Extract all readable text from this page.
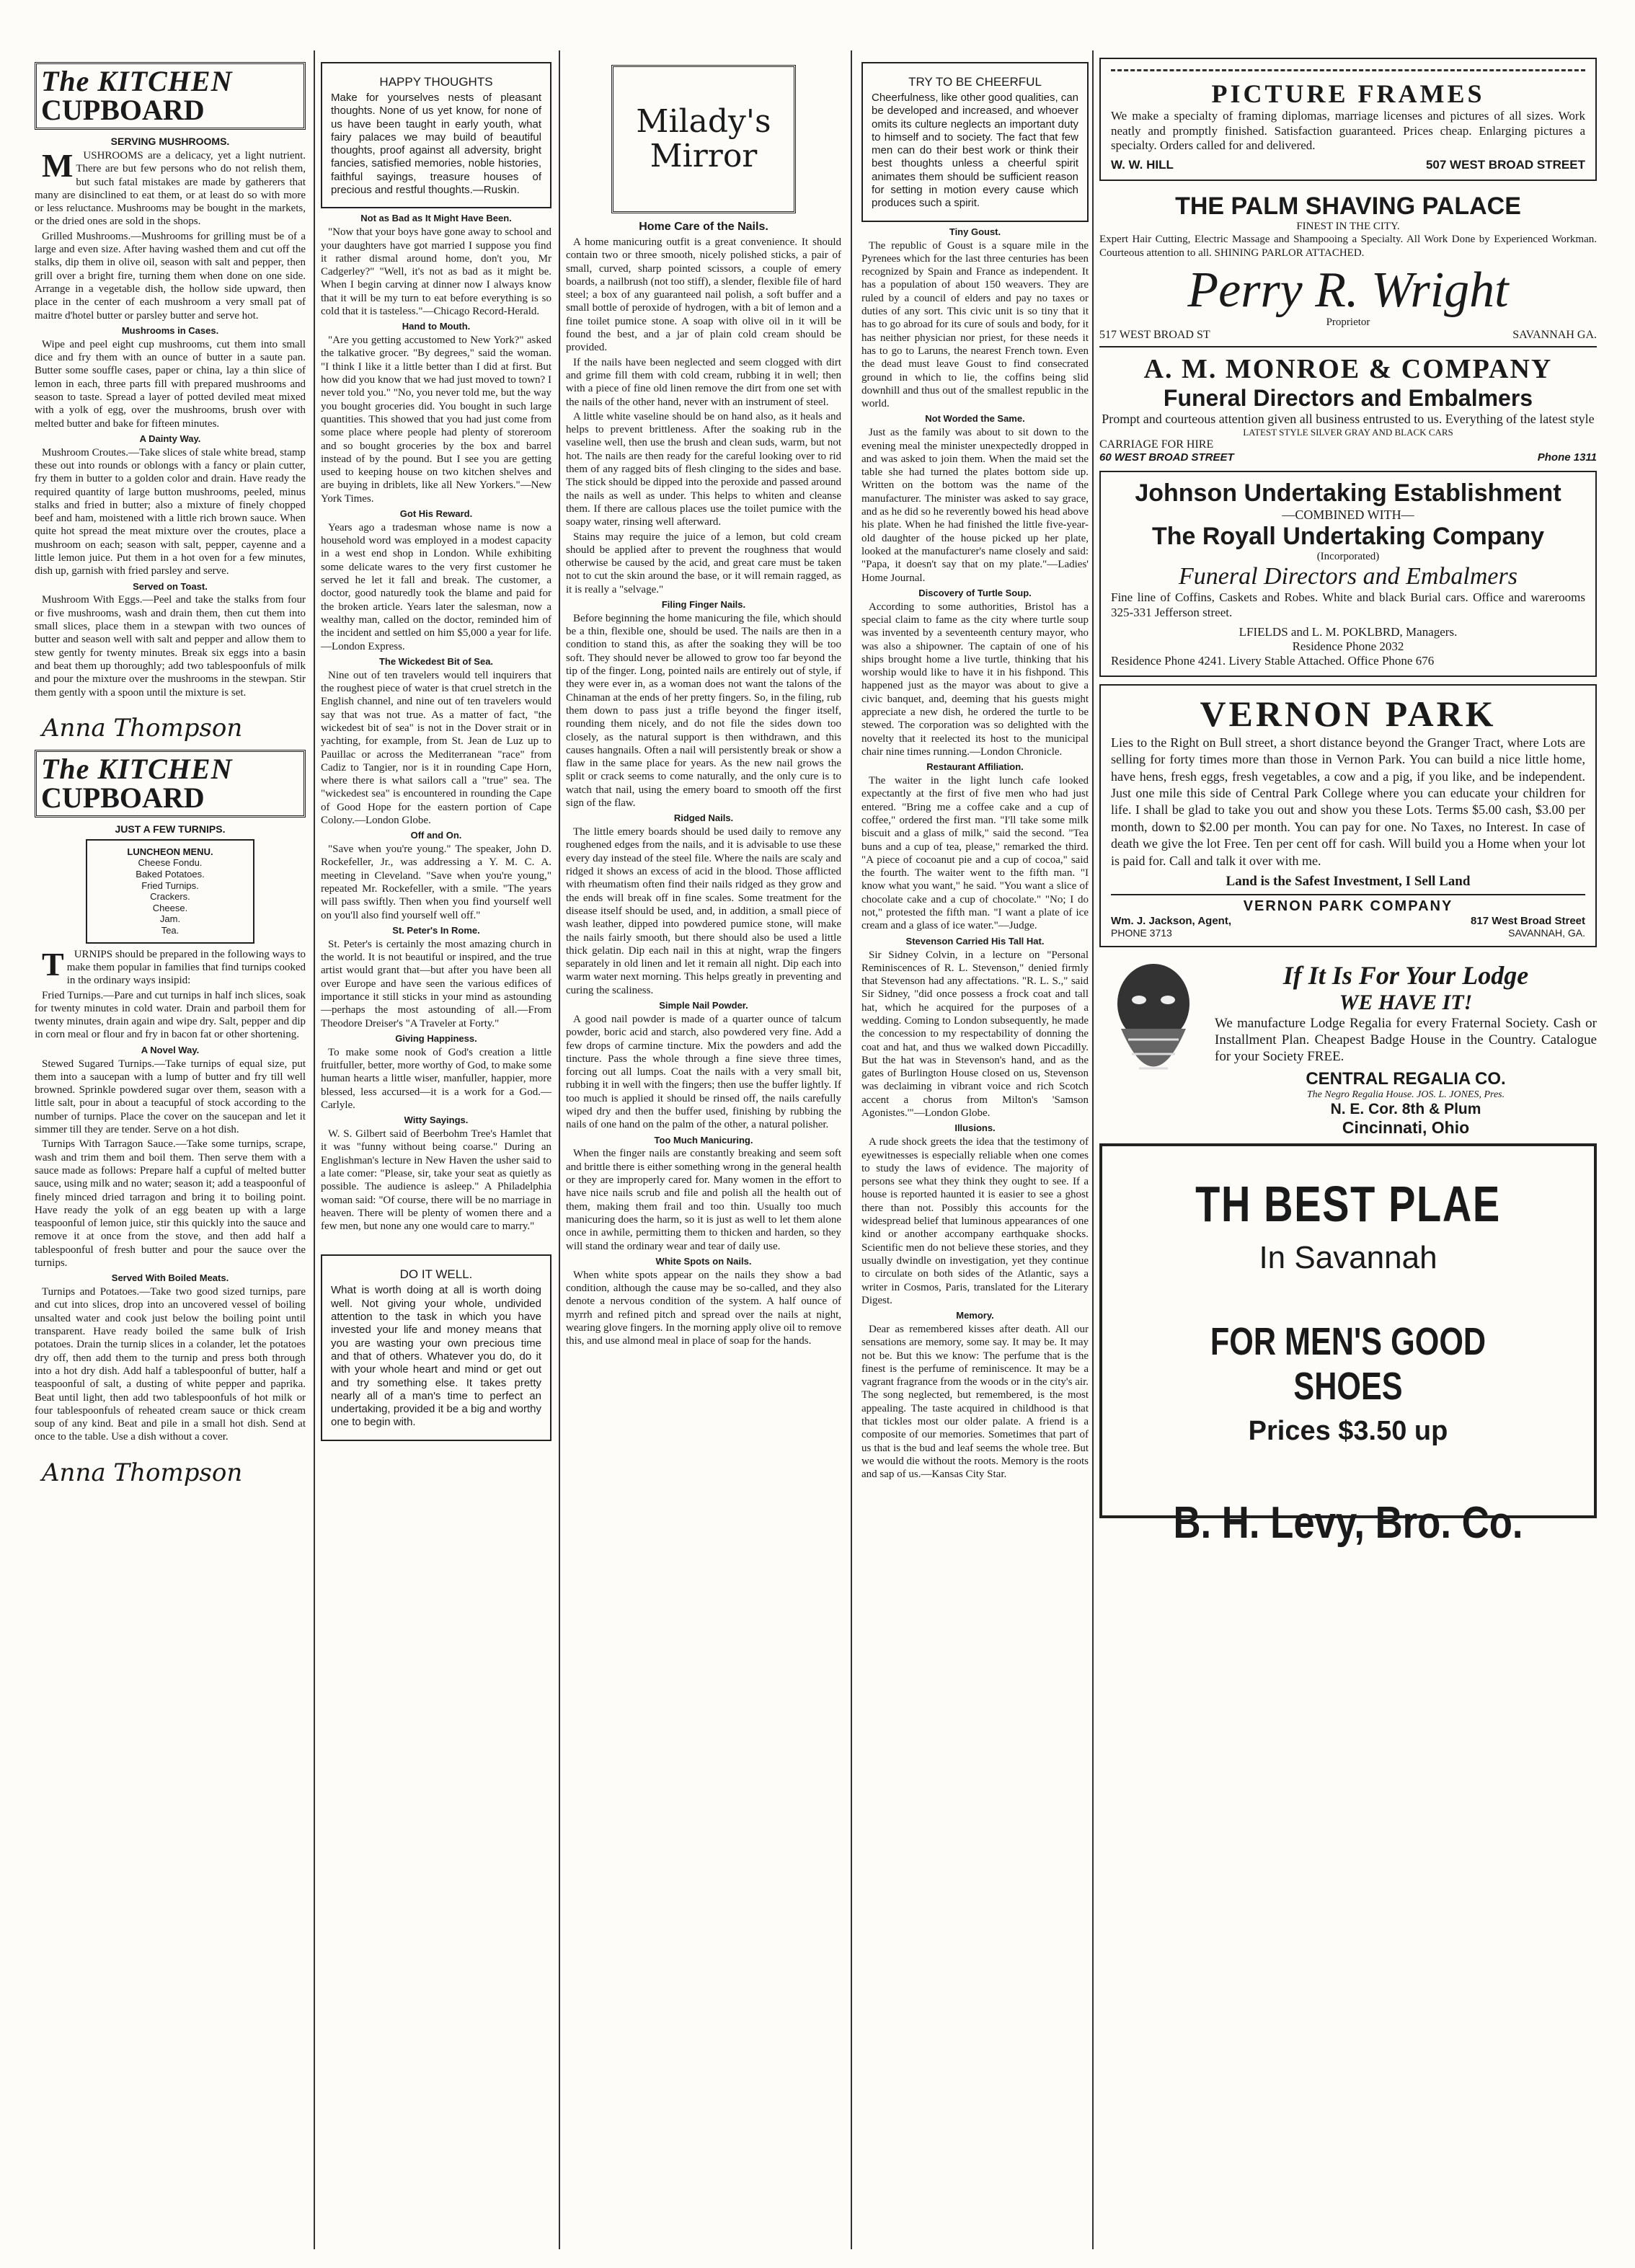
The KITCHEN
CUPBOARD
SERVING MUSHROOMS.

MUSHROOMS are a delicacy, yet a light nutrient. There are but few persons who do not relish them, but such fatal mistakes are made by gatherers that many are disinclined to eat them, or at least do so with more or less reluctance. Mushrooms may be bought in the markets, or the dried ones are sold in the shops.

Grilled Mushrooms.—Mushrooms for grilling must be of a large and even size. After having washed them and cut off the stalks, dip them in olive oil, season with salt and pepper, then grill over a bright fire, turning them when done on one side. Arrange in a vegetable dish, the hollow side upward, then place in the center of each mushroom a very small pat of maitre d'hotel butter or parsley butter and serve hot.

Mushrooms in Cases.

Wipe and peel eight cup mushrooms, cut them into small dice and fry them with an ounce of butter in a saute pan. Butter some souffle cases, paper or china, lay a thin slice of lemon in each, three parts fill with prepared mushrooms and season to taste. Spread a layer of potted deviled meat mixed with a yolk of egg, over the mushrooms, brush over with melted butter and bake for fifteen minutes.

A Dainty Way.

Mushroom Croutes.—Take slices of stale white bread, stamp these out into rounds or oblongs with a fancy or plain cutter, fry them in butter to a golden color and drain. Have ready the required quantity of large button mushrooms, peeled, minus stalks and fried in butter; also a mixture of finely chopped beef and ham, moistened with a little rich brown sauce. When quite hot spread the meat mixture over the croutes, place a mushroom on each; season with salt, pepper, cayenne and a little lemon juice. Put them in a hot oven for a few minutes, dish up, garnish with fried parsley and serve.

Served on Toast.

Mushroom With Eggs.—Peel and take the stalks from four or five mushrooms, wash and drain them, then cut them into small slices, place them in a stewpan with two ounces of butter and season well with salt and pepper and allow them to stew gently for twenty minutes. Break six eggs into a basin and beat them up thoroughly; add two tablespoonfuls of milk and pour the mixture over the mushrooms in the stewpan. Stir them gently with a spoon until the mixture is set.

Anna Thompson
The KITCHEN
CUPBOARD
JUST A FEW TURNIPS.
LUNCHEON MENU.
Cheese Fondu.
Baked Potatoes.
Fried Turnips.
Crackers.
Cheese.
Jam.
Tea.

TURNIPS should be prepared in the following ways to make them popular in families that find turnips cooked in the ordinary ways insipid:

Fried Turnips.—Pare and cut turnips in half inch slices, soak for twenty minutes in cold water. Drain and parboil them for twenty minutes, drain again and wipe dry. Salt, pepper and dip in corn meal or flour and fry in bacon fat or other shortening.

A Novel Way.

Stewed Sugared Turnips.—Take turnips of equal size, put them into a saucepan with a lump of butter and fry till well browned. Sprinkle powdered sugar over them, season with a little salt, pour in about a teacupful of stock according to the number of turnips. Place the cover on the saucepan and let it simmer till they are tender. Serve on a hot dish.

Turnips With Tarragon Sauce.—Take some turnips, scrape, wash and trim them and boil them. Then serve them with a sauce made as follows: Prepare half a cupful of melted butter sauce, using milk and no water; season it; add a teaspoonful of finely minced dried tarragon and bring it to boiling point. Have ready the yolk of an egg beaten up with a large teaspoonful of lemon juice, stir this quickly into the sauce and remove it at once from the stove, and then add half a tablespoonful of fresh butter and pour the sauce over the turnips.

Served With Boiled Meats.

Turnips and Potatoes.—Take two good sized turnips, pare and cut into slices, drop into an uncovered vessel of boiling unsalted water and cook just below the boiling point until transparent. Have ready boiled the same bulk of Irish potatoes. Drain the turnip slices in a colander, let the potatoes dry off, then add them to the turnip and press both through into a hot dry dish. Add half a tablespoonful of butter, half a teaspoonful of salt, a dusting of white pepper and paprika. Beat until light, then add two tablespoonfuls of hot milk or four tablespoonfuls of reheated cream sauce or thick cream soup of any kind. Beat and pile in a small hot dish. Send at once to the table. Use a dish without a cover.

Anna Thompson
HAPPY THOUGHTS
Make for yourselves nests of pleasant thoughts. None of us yet know, for none of us have been taught in early youth, what fairy palaces we may build of beautiful thoughts, proof against all adversity, bright fancies, satisfied memories, noble histories, faithful sayings, treasure houses of precious and restful thoughts.—Ruskin.
Not as Bad as It Might Have Been.

"Now that your boys have gone away to school and your daughters have got married I suppose you find it rather dismal around home, don't you, Mr Cadgerley?" "Well, it's not as bad as it might be. When I begin carving at dinner now I always know that it will be my turn to eat before everything is so cold that it is tasteless."—Chicago Record-Herald.

Hand to Mouth.

"Are you getting accustomed to New York?" asked the talkative grocer. "By degrees," said the woman. "I think I like it a little better than I did at first. But how did you know that we had just moved to town? I never told you." "No, you never told me, but the way you bought groceries did. You bought in such large quantities. This showed that you had just come from some place where people had plenty of storeroom and so bought groceries by the box and barrel instead of by the pound. But I see you are getting used to keeping house on two kitchen shelves and are buying in driblets, like all New Yorkers."—New York Times.

Got His Reward.

Years ago a tradesman whose name is now a household word was employed in a modest capacity in a west end shop in London. While exhibiting some delicate wares to the very first customer he served he let it fall and break. The customer, a doctor, good naturedly took the blame and paid for the broken article. Years later the salesman, now a wealthy man, called on the doctor, reminded him of the incident and settled on him $5,000 a year for life.—London Express.

The Wickedest Bit of Sea.

Nine out of ten travelers would tell inquirers that the roughest piece of water is that cruel stretch in the English channel, and nine out of ten travelers would say that was not true. As a matter of fact, "the wickedest bit of sea" is not in the Dover strait or in yachting, for example, from St. Jean de Luz up to Pauillac or across the Mediterranean "race" from Cadiz to Tangier, nor is it in rounding Cape Horn, where there is what sailors call a "true" sea. The "wickedest sea" is encountered in rounding the Cape of Good Hope for the eastern portion of Cape Colony.—London Globe.

Off and On.

"Save when you're young." The speaker, John D. Rockefeller, Jr., was addressing a Y. M. C. A. meeting in Cleveland. "Save when you're young," repeated Mr. Rockefeller, with a smile. "The years will pass swiftly. Then when you find yourself well on you'll also find yourself well off."

St. Peter's In Rome.

St. Peter's is certainly the most amazing church in the world. It is not beautiful or inspired, and the true artist would grant that—but after you have been all over Europe and have seen the various edifices of importance it still sticks in your mind as astounding—perhaps the most astounding of all.—From Theodore Dreiser's "A Traveler at Forty."

Giving Happiness.

To make some nook of God's creation a little fruitfuller, better, more worthy of God, to make some human hearts a little wiser, manfuller, happier, more blessed, less accursed—it is a work for a God.—Carlyle.

Witty Sayings.

W. S. Gilbert said of Beerbohm Tree's Hamlet that it was "funny without being coarse." During an Englishman's lecture in New Haven the usher said to a late comer: "Please, sir, take your seat as quietly as possible. The audience is asleep." A Philadelphia woman said: "Of course, there will be no marriage in heaven. There will be plenty of women there and a few men, but none any one would care to marry."

DO IT WELL.
What is worth doing at all is worth doing well. Not giving your whole, undivided attention to the task in which you have invested your life and money means that you are wasting your own precious time and that of others. Whatever you do, do it with your whole heart and mind or get out and try something else. It takes pretty nearly all of a man's time to perfect an undertaking, provided it be a big and worthy one to begin with.
Milady's
Mirror
Home Care of the Nails.

A home manicuring outfit is a great convenience. It should contain two or three smooth, nicely polished sticks, a pair of small, curved, sharp pointed scissors, a couple of emery boards, a nailbrush (not too stiff), a slender, flexible file of hard steel; a box of any guaranteed nail polish, a soft buffer and a small bottle of peroxide of hydrogen, with a bit of lemon and a fine toilet pumice stone. A soap with olive oil in it will be found the best, and a jar of plain cold cream should be provided.

If the nails have been neglected and seem clogged with dirt and grime fill them with cold cream, rubbing it in well; then with a piece of fine old linen remove the dirt from one set with the nails of the other hand, never with an instrument of steel.

A little white vaseline should be on hand also, as it heals and helps to prevent brittleness. After the soaking rub in the vaseline well, then use the brush and clean suds, warm, but not hot. The nails are then ready for the careful looking over to rid them of any ragged bits of flesh clinging to the sides and base. The stick should be dipped into the peroxide and passed around the nails as well as under. This helps to whiten and cleanse them. If there are callous places use the toilet pumice with the soapy water, rinsing well afterward.

Stains may require the juice of a lemon, but cold cream should be applied after to prevent the roughness that would otherwise be caused by the acid, and great care must be taken not to cut the skin around the base, or it will remain ragged, as it is really a "selvage."

Filing Finger Nails.

Before beginning the home manicuring the file, which should be a thin, flexible one, should be used. The nails are then in a condition to stand this, as after the soaking they will be too soft. They should never be allowed to grow too far beyond the tip of the finger. Long, pointed nails are entirely out of style, if they were ever in, as a woman does not want the talons of the Chinaman at the ends of her pretty fingers. So, in the filing, rub them down to pass just a trifle beyond the finger itself, rounding them nicely, and do not file the sides down too closely, as the natural support is then withdrawn, and this causes hangnails. Often a nail will persistently break or show a flaw in the same place for years. As the new nail grows the split or crack seems to come naturally, and the only cure is to watch that nail, using the emery board to smooth off the first sign of the flaw.

Ridged Nails.

The little emery boards should be used daily to remove any roughened edges from the nails, and it is advisable to use these every day instead of the steel file. Where the nails are scaly and ridged it shows an excess of acid in the blood. Those afflicted with rheumatism often find their nails ridged as they grow and the ends will break off in fine scales. Some treatment for the disease itself should be used, and, in addition, a small piece of wash leather, dipped into powdered pumice stone, will make the nails fairly smooth, but there should also be used a little thick gelatin. Dip each nail in this at night, wrap the fingers separately in old linen and let it remain all night. Dip each into warm water next morning. This helps greatly in preventing and curing the scaliness.

Simple Nail Powder.

A good nail powder is made of a quarter ounce of talcum powder, boric acid and starch, also powdered very fine. Add a few drops of carmine tincture. Mix the powders and add the tincture. Pass the whole through a fine sieve three times, forcing out all lumps. Coat the nails with a very small bit, rubbing it in well with the fingers; then use the buffer lightly. If too much is applied it should be rinsed off, the nails carefully wiped dry and then the buffer used, finishing by rubbing the nails of one hand on the palm of the other, a natural polisher.

Too Much Manicuring.

When the finger nails are constantly breaking and seem soft and brittle there is either something wrong in the general health or they are improperly cared for. Many women in the effort to have nice nails scrub and file and polish all the health out of them, making them frail and too thin. Usually too much manicuring does the harm, so it is just as well to let them alone once in awhile, permitting them to thicken and harden, so they will stand the ordinary wear and tear of daily use.

White Spots on Nails.

When white spots appear on the nails they show a bad condition, although the cause may be so-called, and they also denote a nervous condition of the system. A half ounce of myrrh and refined pitch and spread over the nails at night, wearing glove fingers. In the morning apply olive oil to remove this, and use almond meal in place of soap for the hands.

TRY TO BE CHEERFUL
Cheerfulness, like other good qualities, can be developed and increased, and whoever omits its culture neglects an important duty to himself and to society. The fact that few men can do their best work or think their best thoughts unless a cheerful spirit animates them should be sufficient reason for setting in motion every cause which produces such a spirit.
Tiny Goust.

The republic of Goust is a square mile in the Pyrenees which for the last three centuries has been recognized by Spain and France as independent. It has a population of about 150 weavers. They are ruled by a council of elders and pay no taxes or duties of any sort. This civic unit is so tiny that it has to go abroad for its cure of souls and body, for it has neither physician nor priest, for these needs it has to go to Laruns, the nearest French town. Even the dead must leave Goust to find consecrated ground in which to lie, the coffins being slid downhill and thus out of the smallest republic in the world.

Not Worded the Same.

Just as the family was about to sit down to the evening meal the minister unexpectedly dropped in and was asked to join them. When the maid set the table she had turned the plates bottom side up. Written on the bottom was the name of the manufacturer. The minister was asked to say grace, and as he did so he reverently bowed his head above his plate. When he had finished the little five-year-old daughter of the house picked up her plate, looked at the manufacturer's name closely and said: "Papa, it doesn't say that on my plate."—Ladies' Home Journal.

Discovery of Turtle Soup.

According to some authorities, Bristol has a special claim to fame as the city where turtle soup was invented by a seventeenth century mayor, who was also a shipowner. The captain of one of his ships brought home a live turtle, thinking that his worship would like to have it in his fishpond. This happened just as the mayor was about to give a civic banquet, and, deeming that his guests might appreciate a new dish, he ordered the turtle to be stewed. The corporation was so delighted with the novelty that it reelected its host to the municipal chair nine times running.—London Chronicle.

Restaurant Affiliation.

The waiter in the light lunch cafe looked expectantly at the first of five men who had just entered. "Bring me a coffee cake and a cup of coffee," ordered the first man. "I'll take some milk biscuit and a glass of milk," said the second. "Tea buns and a cup of tea, please," remarked the third. "A piece of cocoanut pie and a cup of cocoa," said the fourth. The waiter went to the fifth man. "I know what you want," he said. "You want a slice of chocolate cake and a cup of chocolate." "No; I do not," protested the fifth man. "I want a plate of ice cream and a glass of ice water."—Judge.

Stevenson Carried His Tall Hat.

Sir Sidney Colvin, in a lecture on "Personal Reminiscences of R. L. Stevenson," denied firmly that Stevenson had any affectations. "R. L. S.," said Sir Sidney, "did once possess a frock coat and tall hat, which he acquired for the purposes of a wedding. Coming to London subsequently, he made the concession to my respectability of donning the coat and hat, and thus we walked down Piccadilly. But the hat was in Stevenson's hand, and as the gates of Burlington House closed on us, Stevenson was declaiming in vibrant voice and rich Scotch accent a chorus from Milton's 'Samson Agonistes.'"—London Globe.

Illusions.

A rude shock greets the idea that the testimony of eyewitnesses is especially reliable when one comes to study the laws of evidence. The majority of persons see what they think they ought to see. If a house is reported haunted it is easier to see a ghost there than not. Possibly this accounts for the widespread belief that luminous appearances of one kind or another accompany earthquake shocks. Scientific men do not believe these stories, and they usually dwindle on investigation, yet they continue to circulate on both sides of the Atlantic, says a writer in Cosmos, Paris, translated for the Literary Digest.

Memory.

Dear as remembered kisses after death. All our sensations are memory, some say. It may be. It may not be. But this we know: The perfume that is the finest is the perfume of reminiscence. It may be a vagrant fragrance from the woods or in the city's air. The song neglected, but remembered, is the most appealing. The taste acquired in childhood is that that tickles most our older palate. A friend is a composite of our memories. Sometimes that part of us that is the bud and leaf seems the whole tree. But we would die without the roots. Memory is the roots and sap of us.—Kansas City Star.

PICTURE FRAMES
We make a specialty of framing diplomas, marriage licenses and pictures of all sizes. Work neatly and promptly finished. Satisfaction guaranteed. Prices cheap. Enlarging pictures a specialty. Orders called for and delivered.
W. W. HILL	507 WEST BROAD STREET
THE PALM SHAVING PALACE
FINEST IN THE CITY.
Expert Hair Cutting, Electric Massage and Shampooing a Specialty. All Work Done by Experienced Workman. Courteous attention to all. SHINING PARLOR ATTACHED.
Perry R. Wright
Proprietor
517 WEST BROAD ST	SAVANNAH GA.
A. M. MONROE & COMPANY
Funeral Directors and Embalmers
Prompt and courteous attention given all business entrusted to us. Everything of the latest style
LATEST STYLE SILVER GRAY AND BLACK CARS
CARRIAGE FOR HIRE
60 WEST BROAD STREET	Phone 1311
Johnson Undertaking Establishment
—COMBINED WITH—
The Royall Undertaking Company
(Incorporated)
Funeral Directors and Embalmers
Fine line of Coffins, Caskets and Robes. White and black Burial cars. Office and warerooms 325-331 Jefferson street.
LFIELDS and L. M. POKLBRD, Managers.
Residence Phone 2032
Residence Phone 4241. Livery Stable Attached. Office Phone 676
VERNON PARK
Lies to the Right on Bull street, a short distance beyond the Granger Tract, where Lots are selling for forty times more than those in Vernon Park. You can build a nice little home, have hens, fresh eggs, fresh vegetables, a cow and a pig, if you like, and be independent. Just one mile this side of Central Park College where you can educate your children for life. I shall be glad to take you out and show you these Lots. Terms $5.00 cash, $3.00 per month, down to $2.00 per month. You can pay for one. No Taxes, no Interest. In case of death we give the lot Free. Ten per cent off for cash. Will build you a Home when your lot is paid for. Call and talk it over with me.
Land is the Safest Investment, I Sell Land
VERNON PARK COMPANY
Wm. J. Jackson, Agent,	817 West Broad Street
PHONE 3713	SAVANNAH, GA.
If It Is For Your Lodge
WE HAVE IT!
We manufacture Lodge Regalia for every Fraternal Society. Cash or Installment Plan. Cheapest Badge House in the Country. Catalogue for your Society FREE.
CENTRAL REGALIA CO.
The Negro Regalia House. JOS. L. JONES, Pres.
N. E. Cor. 8th & Plum
Cincinnati, Ohio
TH BEST PLAE
In Savannah
FOR MEN'S GOOD SHOES
Prices $3.50 up
B. H. Levy, Bro. Co.
